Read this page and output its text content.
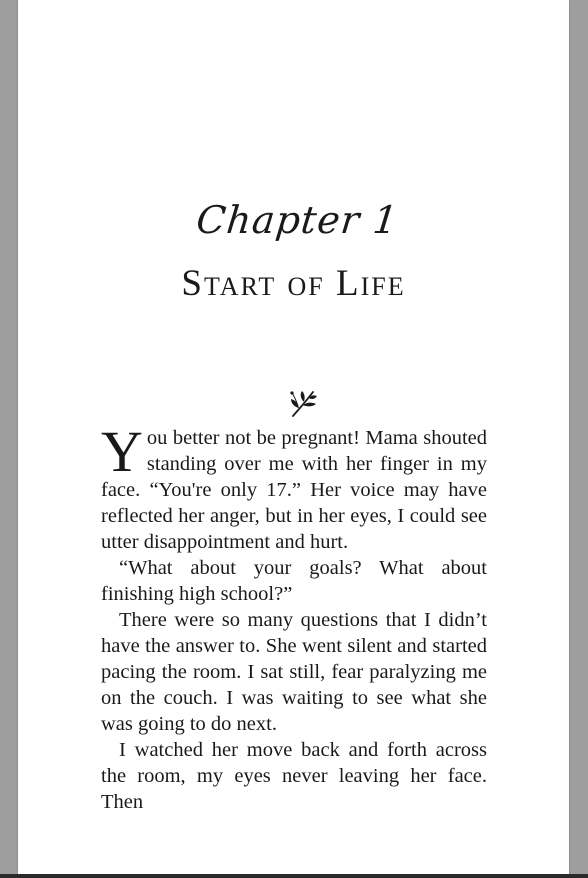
Chapter 1
Start of Life

You better not be pregnant! Mama shouted standing over me with her finger in my face. “You're only 17.” Her voice may have reflected her anger, but in her eyes, I could see utter disappointment and hurt.

“What about your goals? What about finishing high school?”

There were so many questions that I didn’t have the answer to. She went silent and started pacing the room. I sat still, fear paralyzing me on the couch. I was waiting to see what she was going to do next.

I watched her move back and forth across the room, my eyes never leaving her face. Then
